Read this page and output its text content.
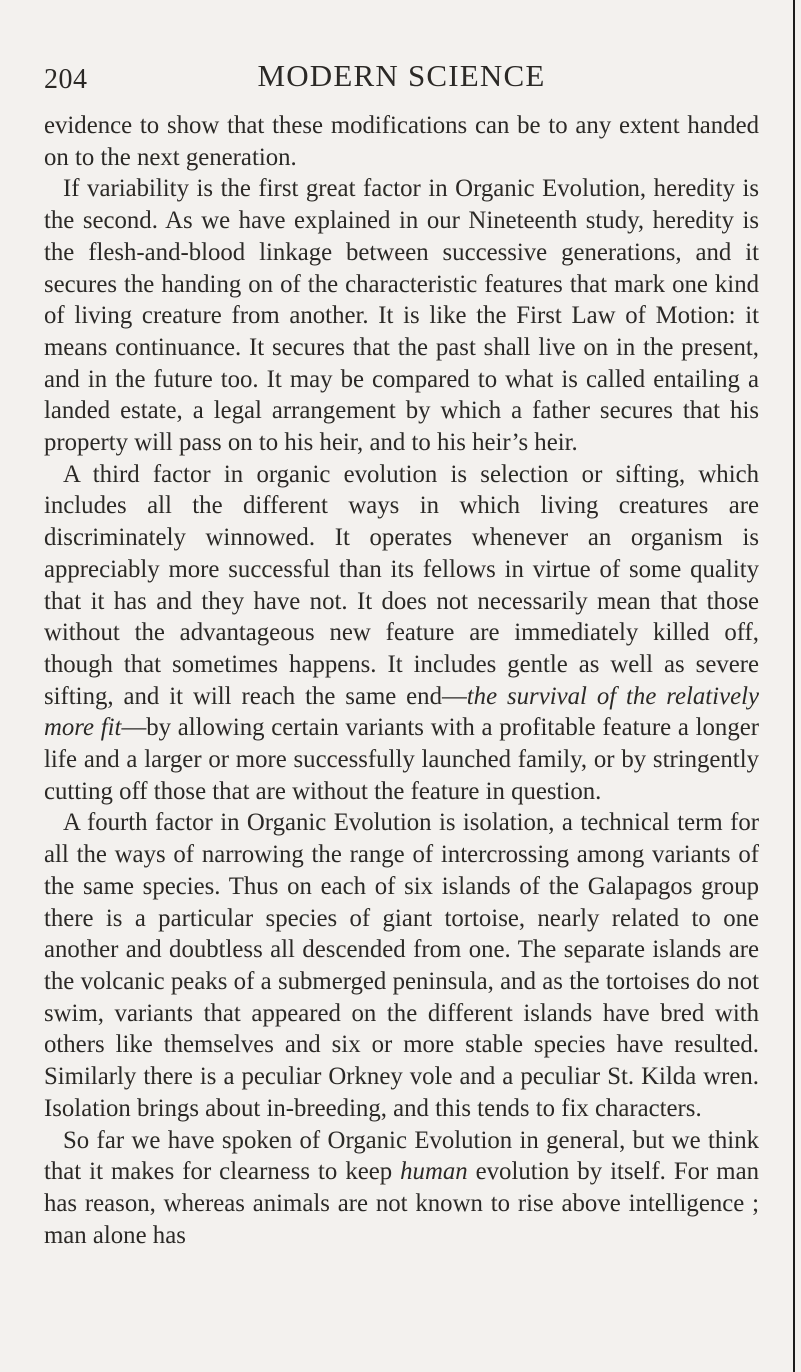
204	MODERN SCIENCE

evidence to show that these modifications can be to any extent handed on to the next generation.

If variability is the first great factor in Organic Evolution, heredity is the second. As we have explained in our Nineteenth study, heredity is the flesh-and-blood linkage between successive generations, and it secures the handing on of the characteristic features that mark one kind of living creature from another. It is like the First Law of Motion: it means continuance. It secures that the past shall live on in the present, and in the future too. It may be compared to what is called entailing a landed estate, a legal arrangement by which a father secures that his property will pass on to his heir, and to his heir’s heir.

A third factor in organic evolution is selection or sifting, which includes all the different ways in which living creatures are discriminately winnowed. It operates whenever an organism is appreciably more successful than its fellows in virtue of some quality that it has and they have not. It does not necessarily mean that those without the advantageous new feature are immediately killed off, though that sometimes happens. It includes gentle as well as severe sifting, and it will reach the same end—the survival of the relatively more fit—by allowing certain variants with a profitable feature a longer life and a larger or more successfully launched family, or by stringently cutting off those that are without the feature in question.

A fourth factor in Organic Evolution is isolation, a technical term for all the ways of narrowing the range of intercrossing among variants of the same species. Thus on each of six islands of the Galapagos group there is a particular species of giant tortoise, nearly related to one another and doubtless all descended from one. The separate islands are the volcanic peaks of a submerged peninsula, and as the tortoises do not swim, variants that appeared on the different islands have bred with others like themselves and six or more stable species have resulted. Similarly there is a peculiar Orkney vole and a peculiar St. Kilda wren. Isolation brings about in-breeding, and this tends to fix characters.

So far we have spoken of Organic Evolution in general, but we think that it makes for clearness to keep human evolution by itself. For man has reason, whereas animals are not known to rise above intelligence ; man alone has
